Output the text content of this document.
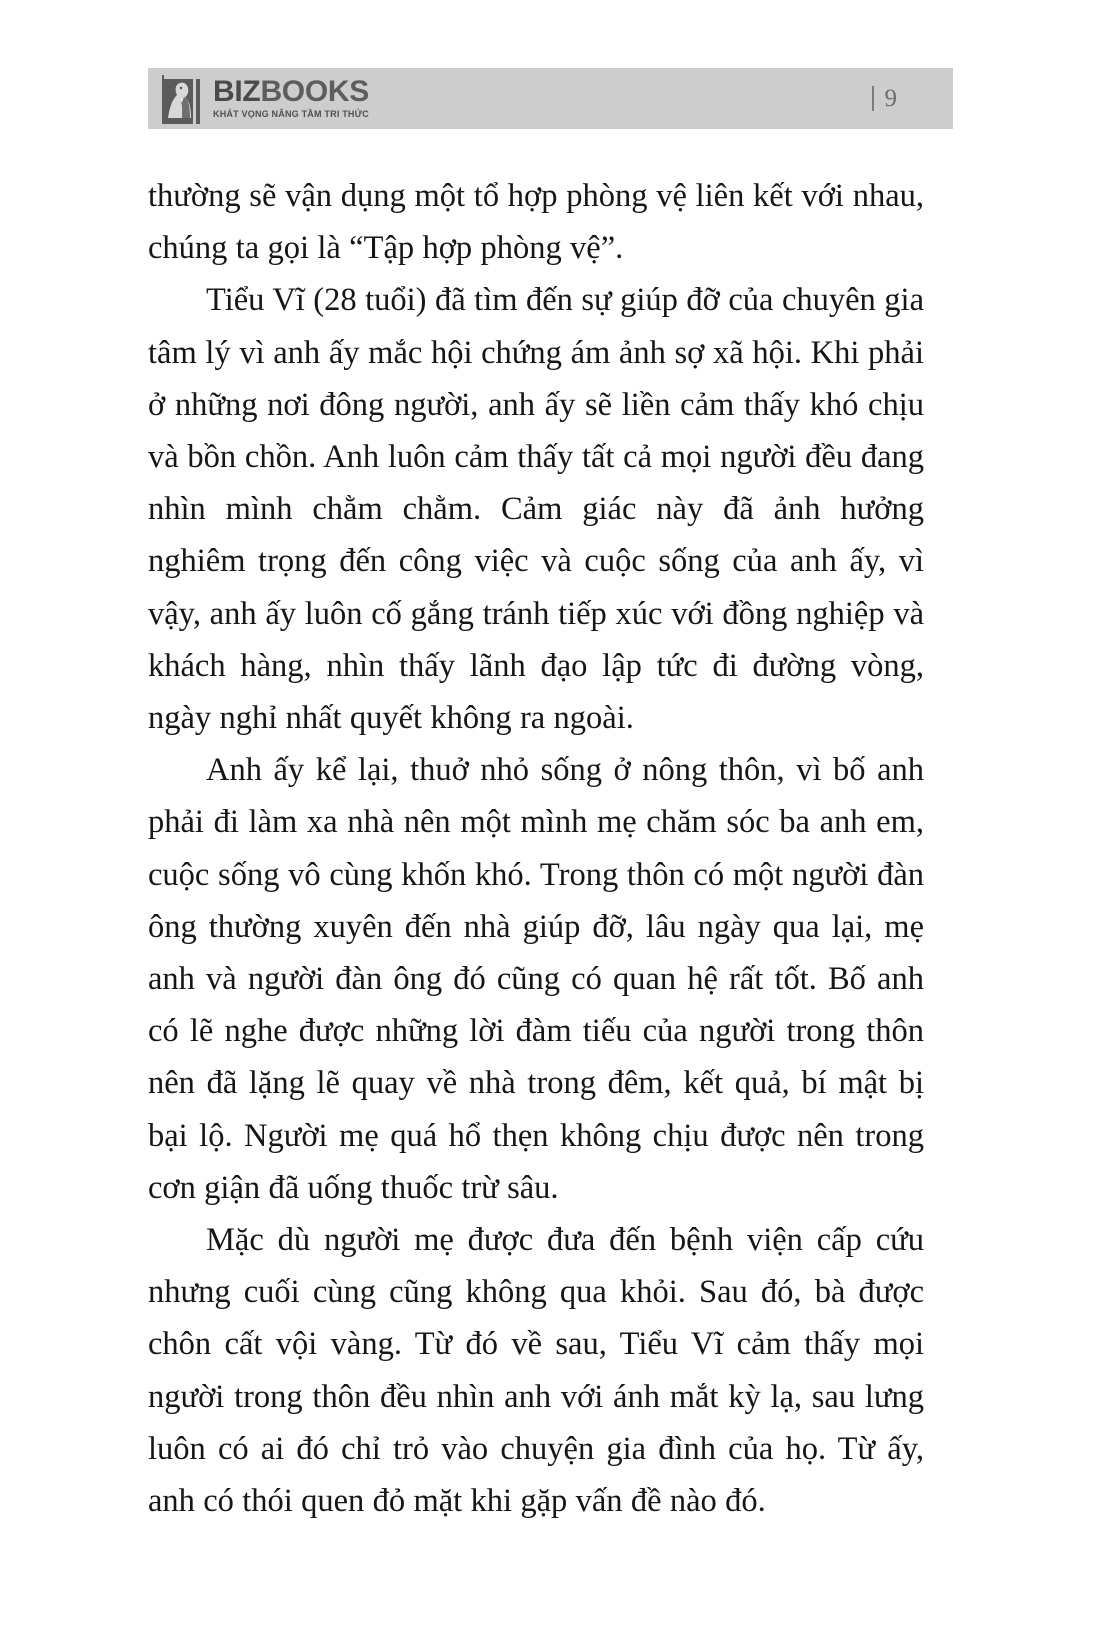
BIZBOOKS
KHÁT VỌNG NÂNG TẦM TRI THỨC
9

thường sẽ vận dụng một tổ hợp phòng vệ liên kết với nhau, chúng ta gọi là “Tập hợp phòng vệ”.

Tiểu Vĩ (28 tuổi) đã tìm đến sự giúp đỡ của chuyên gia tâm lý vì anh ấy mắc hội chứng ám ảnh sợ xã hội. Khi phải ở những nơi đông người, anh ấy sẽ liền cảm thấy khó chịu và bồn chồn. Anh luôn cảm thấy tất cả mọi người đều đang nhìn mình chằm chằm. Cảm giác này đã ảnh hưởng nghiêm trọng đến công việc và cuộc sống của anh ấy, vì vậy, anh ấy luôn cố gắng tránh tiếp xúc với đồng nghiệp và khách hàng, nhìn thấy lãnh đạo lập tức đi đường vòng, ngày nghỉ nhất quyết không ra ngoài.

Anh ấy kể lại, thuở nhỏ sống ở nông thôn, vì bố anh phải đi làm xa nhà nên một mình mẹ chăm sóc ba anh em, cuộc sống vô cùng khốn khó. Trong thôn có một người đàn ông thường xuyên đến nhà giúp đỡ, lâu ngày qua lại, mẹ anh và người đàn ông đó cũng có quan hệ rất tốt. Bố anh có lẽ nghe được những lời đàm tiếu của người trong thôn nên đã lặng lẽ quay về nhà trong đêm, kết quả, bí mật bị bại lộ. Người mẹ quá hổ thẹn không chịu được nên trong cơn giận đã uống thuốc trừ sâu.

Mặc dù người mẹ được đưa đến bệnh viện cấp cứu nhưng cuối cùng cũng không qua khỏi. Sau đó, bà được chôn cất vội vàng. Từ đó về sau, Tiểu Vĩ cảm thấy mọi người trong thôn đều nhìn anh với ánh mắt kỳ lạ, sau lưng luôn có ai đó chỉ trỏ vào chuyện gia đình của họ. Từ ấy, anh có thói quen đỏ mặt khi gặp vấn đề nào đó.
